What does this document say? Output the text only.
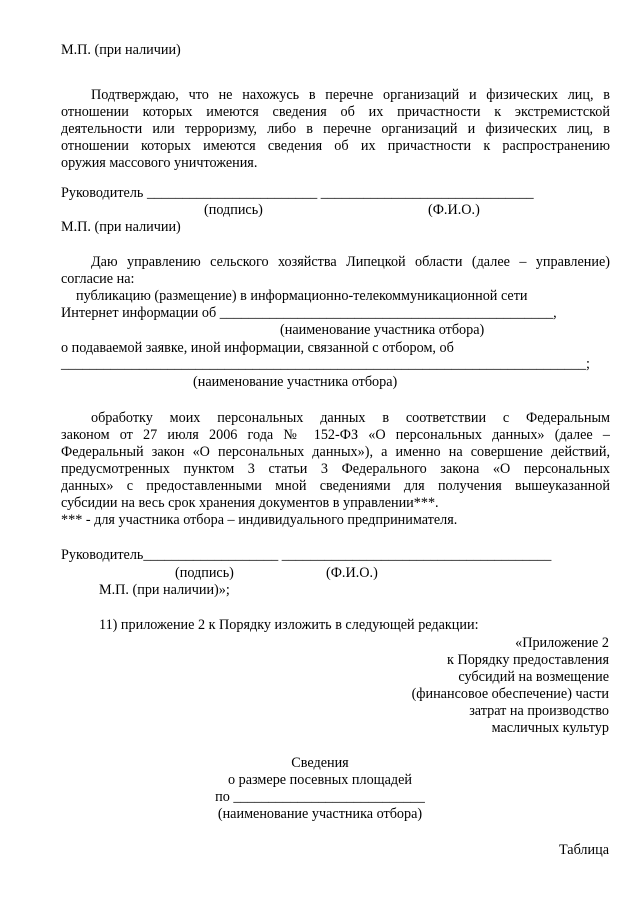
М.П. (при наличии)
Подтверждаю, что не нахожусь в перечне организаций и физических лиц, в
отношении которых имеются сведения об их причастности к экстремистской
деятельности или терроризму, либо в перечне организаций и физических лиц, в
отношении которых имеются сведения об их причастности к распространению
оружия массового уничтожения.
Руководитель ________________________ ______________________________
(подпись)	(Ф.И.О.)
М.П. (при наличии)
Даю управлению сельского хозяйства Липецкой области (далее – управление)
согласие на:
публикацию (размещение) в информационно-телекоммуникационной сети
Интернет информации об _______________________________________________,
(наименование участника отбора)
о подаваемой заявке, иной информации, связанной с отбором, об
__________________________________________________________________________;
(наименование участника отбора)
обработку моих персональных данных в соответствии с Федеральным
законом от 27 июля 2006 года № 152-ФЗ «О персональных данных» (далее –
Федеральный закон «О персональных данных»), а именно на совершение действий,
предусмотренных пунктом 3 статьи 3 Федерального закона «О персональных
данных» с предоставленными мной сведениями для получения вышеуказанной
субсидии на весь срок хранения документов в управлении***.
*** - для участника отбора – индивидуального предпринимателя.
Руководитель___________________ ______________________________________
(подпись)	(Ф.И.О.)
М.П. (при наличии)»;
11) приложение 2 к Порядку изложить в следующей редакции:
«Приложение 2
к Порядку предоставления
субсидий на возмещение
(финансовое обеспечение) части
затрат на производство
масличных культур
Сведения
о размере посевных площадей
по ___________________________
(наименование участника отбора)
Таблица
